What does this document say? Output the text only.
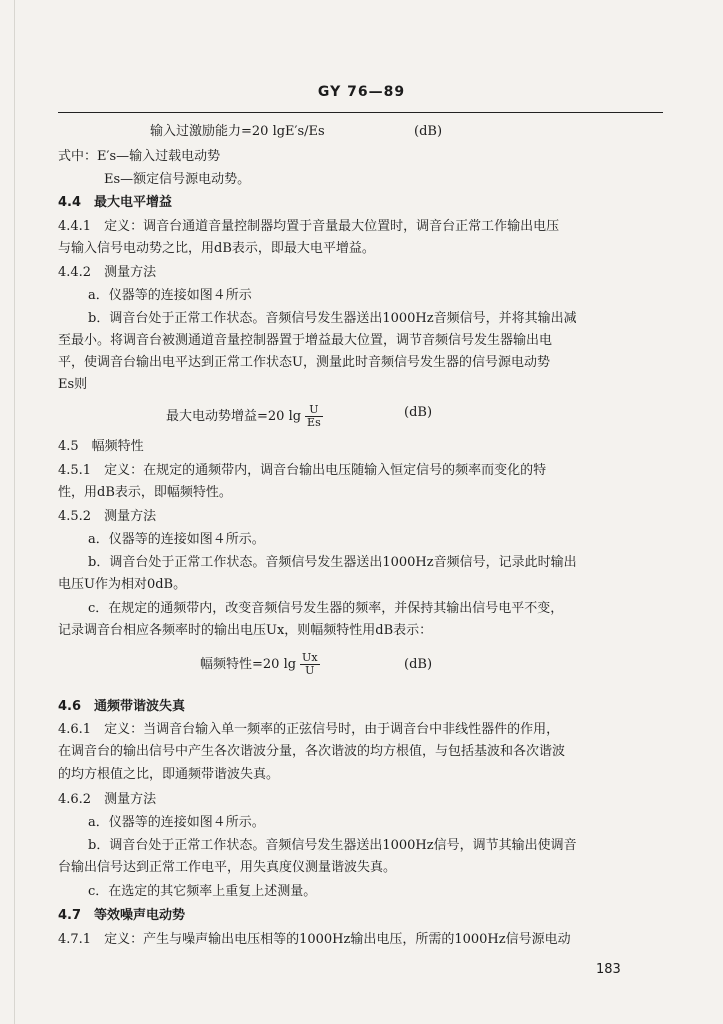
GY 76—89
输入过激励能力=20 lgE′s/Es	(dB)
式中：E′s—输入过载电动势
Es—额定信号源电动势。
4.4　最大电平增益
4.4.1　定义：调音台通道音量控制器均置于音量最大位置时，调音台正常工作输出电压
与输入信号电动势之比，用dB表示，即最大电平增益。
4.4.2　测量方法
a．仪器等的连接如图４所示
b．调音台处于正常工作状态。音频信号发生器送出1000Hz音频信号，并将其输出减
至最小。将调音台被测通道音量控制器置于增益最大位置，调节音频信号发生器输出电
平，使调音台输出电平达到正常工作状态U，测量此时音频信号发生器的信号源电动势
Es则
最大电动势增益=20 $\lg \frac{U}{Es}$	(dB)
4.5　幅频特性
4.5.1　定义：在规定的通频带内，调音台输出电压随输入恒定信号的频率而变化的特
性，用dB表示，即幅频特性。
4.5.2　测量方法
a．仪器等的连接如图４所示。
b．调音台处于正常工作状态。音频信号发生器送出1000Hz音频信号，记录此时输出
电压U作为相对0dB。
c．在规定的通频带内，改变音频信号发生器的频率，并保持其输出信号电平不变，
记录调音台相应各频率时的输出电压Ux，则幅频特性用dB表示：
幅频特性=20 $\lg \frac{Ux}{U}$	(dB)
4.6　通频带谐波失真
4.6.1　定义：当调音台输入单一频率的正弦信号时，由于调音台中非线性器件的作用，
在调音台的输出信号中产生各次谐波分量，各次谐波的均方根值，与包括基波和各次谐波
的均方根值之比，即通频带谐波失真。
4.6.2　测量方法
a．仪器等的连接如图４所示。
b．调音台处于正常工作状态。音频信号发生器送出1000Hz信号，调节其输出使调音
台输出信号达到正常工作电平，用失真度仪测量谐波失真。
c．在选定的其它频率上重复上述测量。
4.7　等效噪声电动势
4.7.1　定义：产生与噪声输出电压相等的1000Hz输出电压，所需的1000Hz信号源电动
183
